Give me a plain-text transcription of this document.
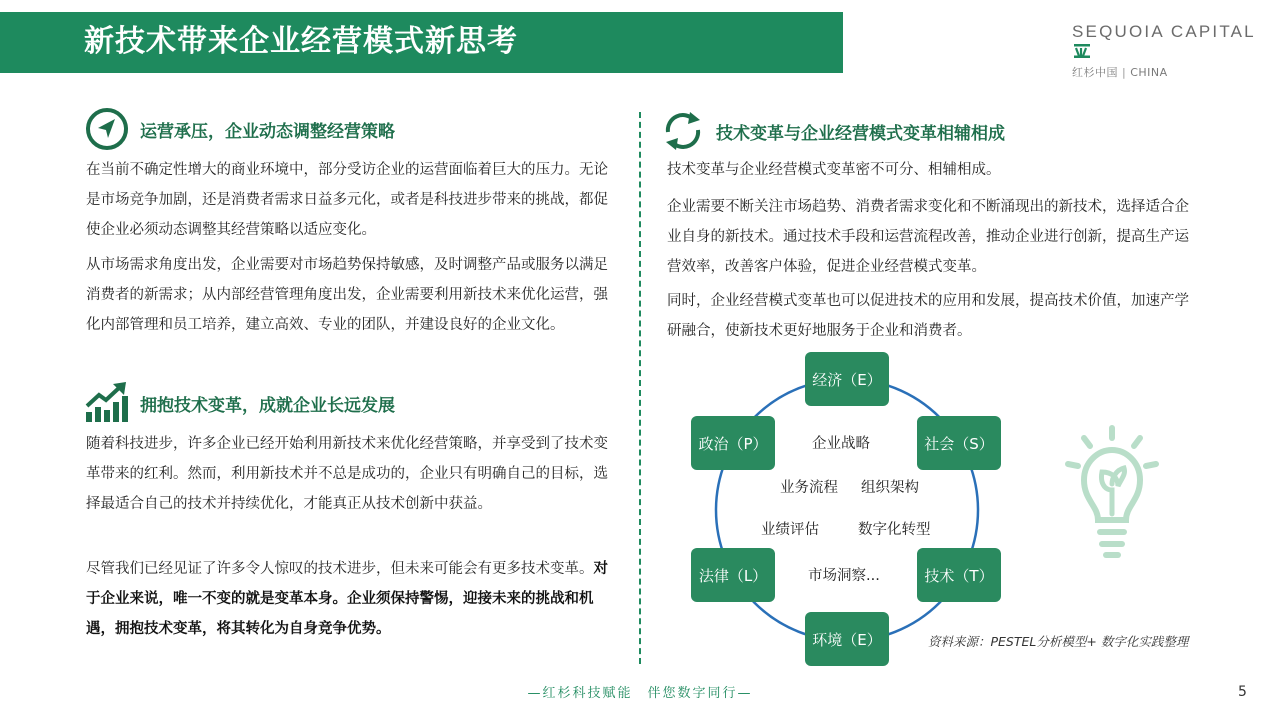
新技术带来企业经营模式新思考	SEQUOIA CAPITAL
红杉中国 | CHINA
运营承压，企业动态调整经营策略
在当前不确定性增大的商业环境中，部分受访企业的运营面临着巨大的压力。无论是市场竞争加剧，还是消费者需求日益多元化，或者是科技进步带来的挑战，都促使企业必须动态调整其经营策略以适应变化。
从市场需求角度出发，企业需要对市场趋势保持敏感，及时调整产品或服务以满足消费者的新需求；从内部经营管理角度出发，企业需要利用新技术来优化运营，强化内部管理和员工培养，建立高效、专业的团队，并建设良好的企业文化。
拥抱技术变革，成就企业长远发展
随着科技进步，许多企业已经开始利用新技术来优化经营策略，并享受到了技术变革带来的红利。然而，利用新技术并不总是成功的，企业只有明确自己的目标，选择最适合自己的技术并持续优化，才能真正从技术创新中获益。
尽管我们已经见证了许多令人惊叹的技术进步，但未来可能会有更多技术变革。对于企业来说，唯一不变的就是变革本身。企业须保持警惕，迎接未来的挑战和机遇，拥抱技术变革，将其转化为自身竞争优势。
技术变革与企业经营模式变革相辅相成
技术变革与企业经营模式变革密不可分、相辅相成。
企业需要不断关注市场趋势、消费者需求变化和不断涌现出的新技术，选择适合企业自身的新技术。通过技术手段和运营流程改善，推动企业进行创新，提高生产运营效率，改善客户体验，促进企业经营模式变革。
同时，企业经营模式变革也可以促进技术的应用和发展，提高技术价值，加速产学研融合，使新技术更好地服务于企业和消费者。
经济（E）
政治（P）	社会（S）
法律（L）	技术（T）
环境（E）
企业战略
业务流程 组织架构
业绩评估	数字化转型
市场洞察...
资料来源：PESTEL分析模型+ 数字化实践整理
—红杉科技赋能　伴您数字同行—	5
